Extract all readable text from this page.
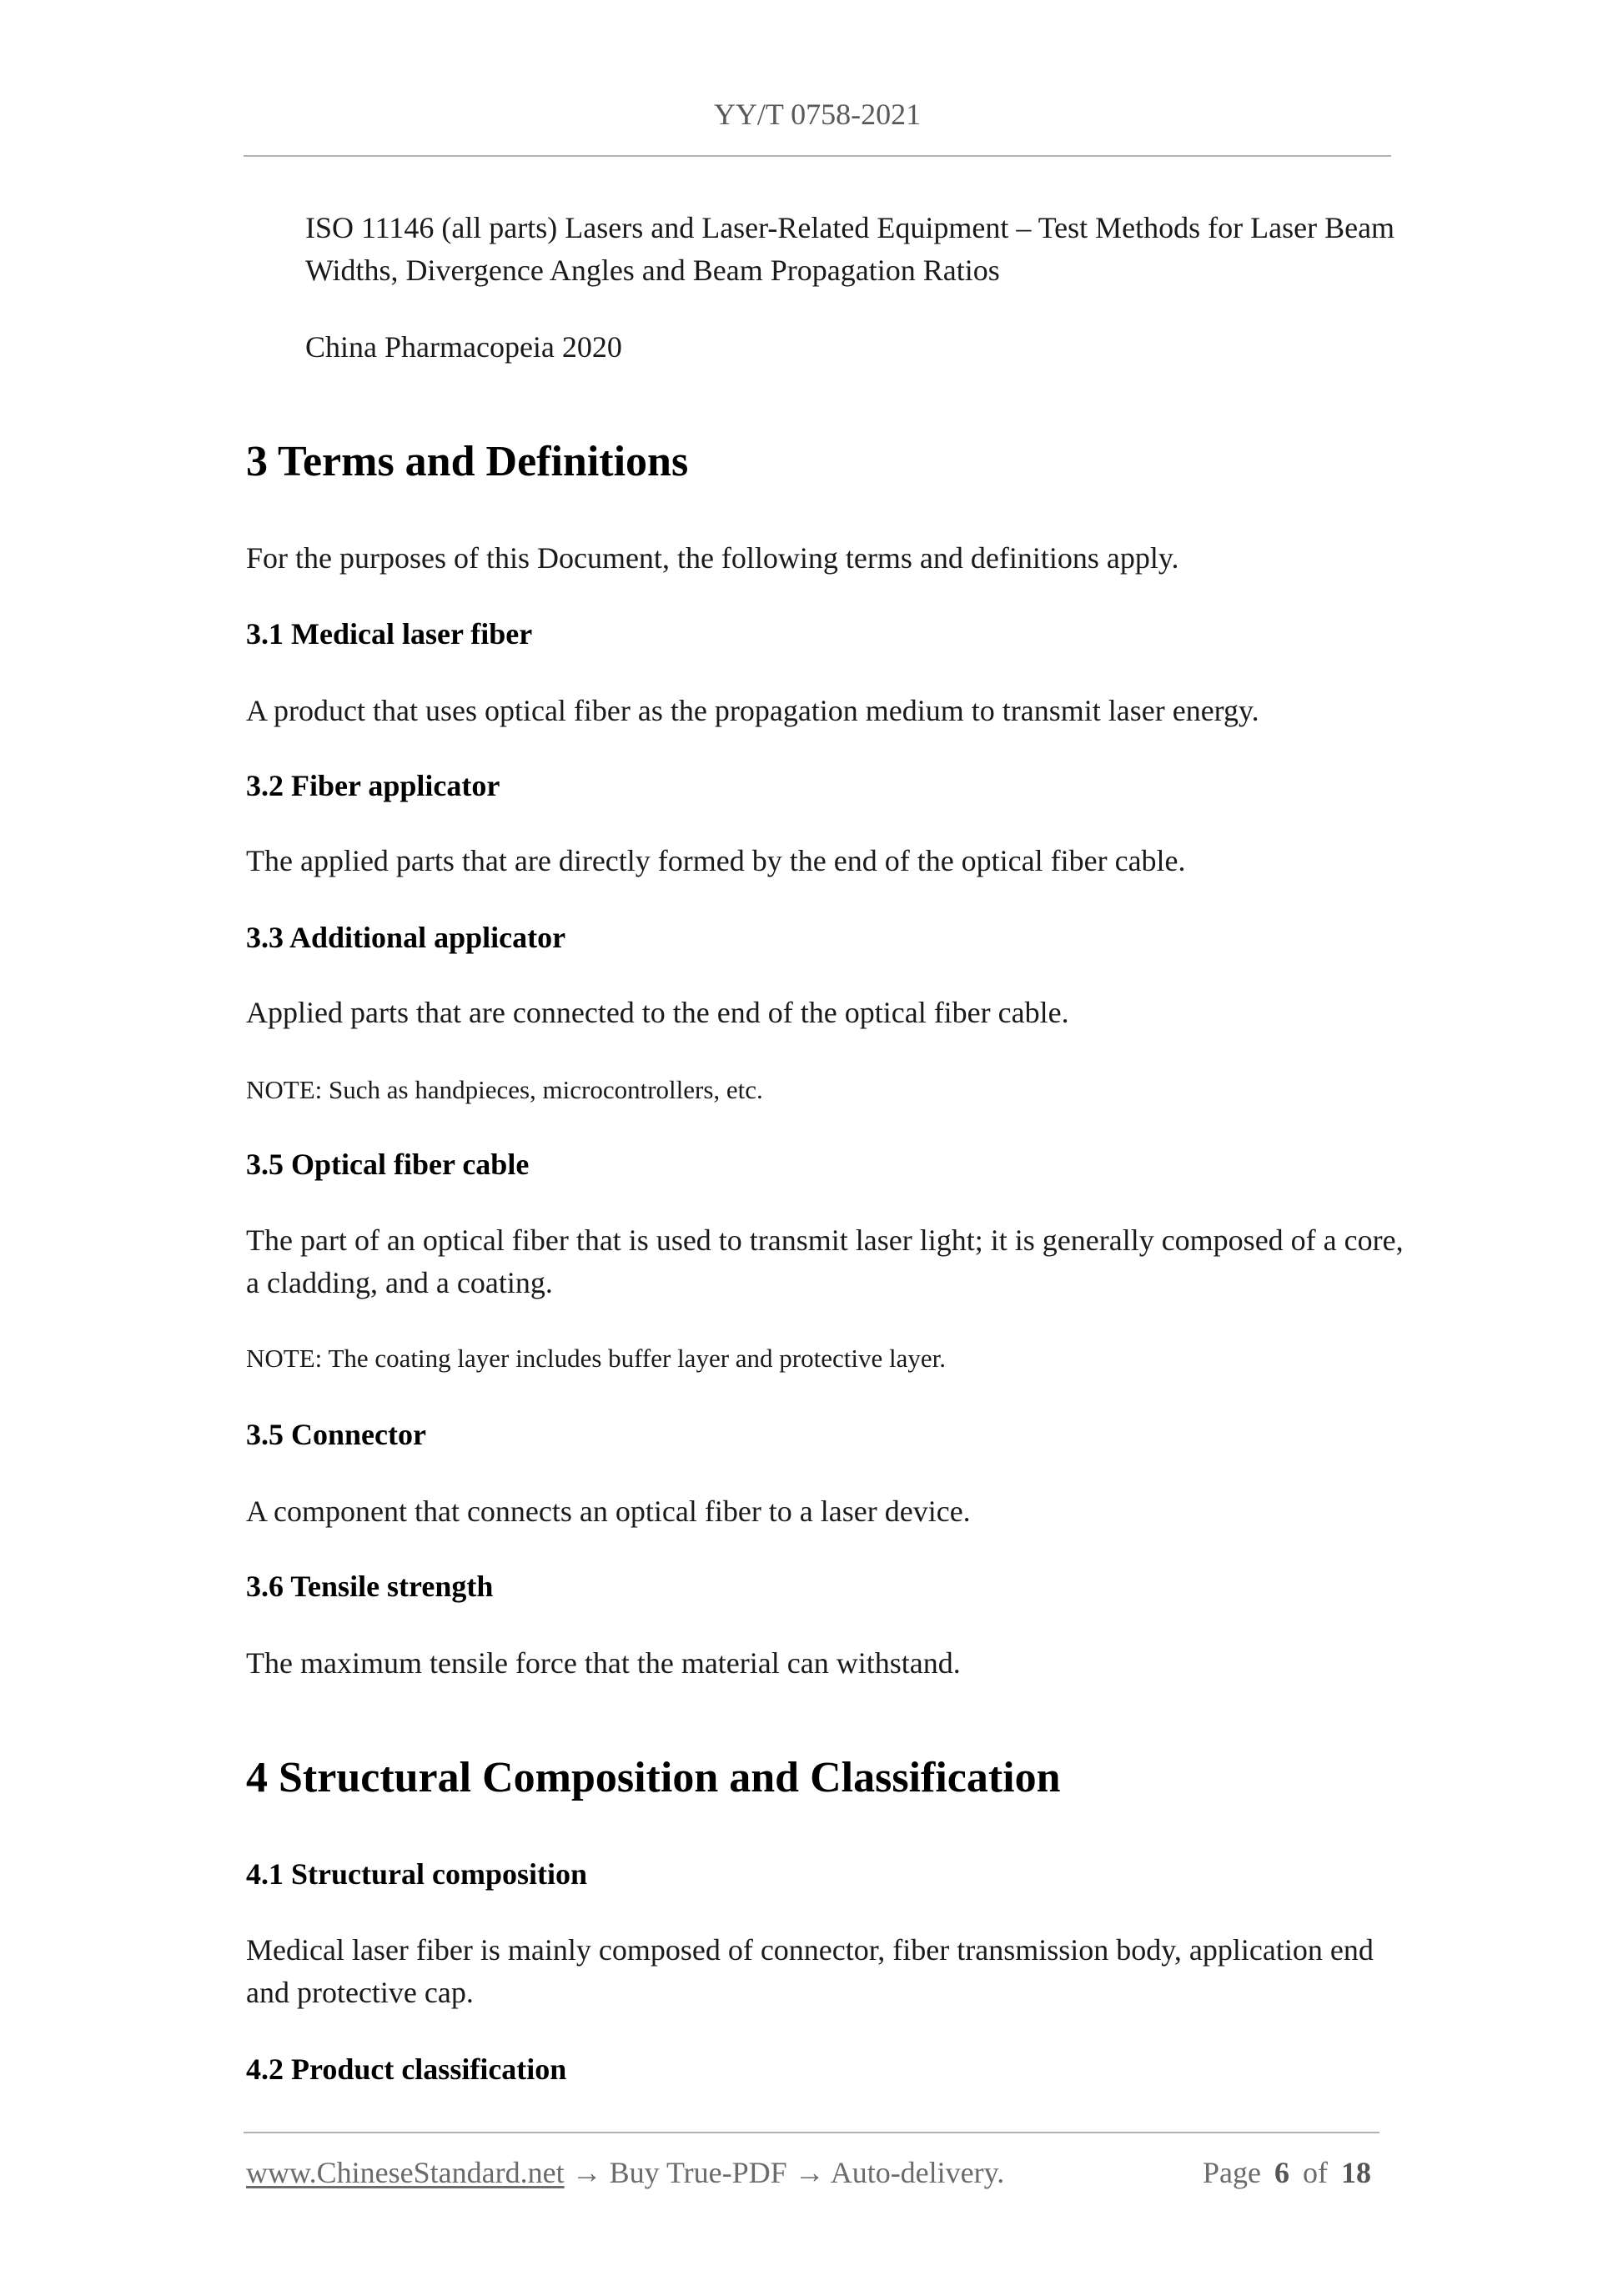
YY/T 0758-2021
ISO 11146 (all parts) Lasers and Laser-Related Equipment – Test Methods for Laser Beam
Widths, Divergence Angles and Beam Propagation Ratios
China Pharmacopeia 2020
3 Terms and Definitions
For the purposes of this Document, the following terms and definitions apply.
3.1 Medical laser fiber
A product that uses optical fiber as the propagation medium to transmit laser energy.
3.2 Fiber applicator
The applied parts that are directly formed by the end of the optical fiber cable.
3.3 Additional applicator
Applied parts that are connected to the end of the optical fiber cable.
NOTE: Such as handpieces, microcontrollers, etc.
3.5 Optical fiber cable
The part of an optical fiber that is used to transmit laser light; it is generally composed of a core,
a cladding, and a coating.
NOTE: The coating layer includes buffer layer and protective layer.
3.5 Connector
A component that connects an optical fiber to a laser device.
3.6 Tensile strength
The maximum tensile force that the material can withstand.
4 Structural Composition and Classification
4.1 Structural composition
Medical laser fiber is mainly composed of connector, fiber transmission body, application end
and protective cap.
4.2 Product classification
www.ChineseStandard.net → Buy True-PDF → Auto-delivery.	Page 6 of 18
